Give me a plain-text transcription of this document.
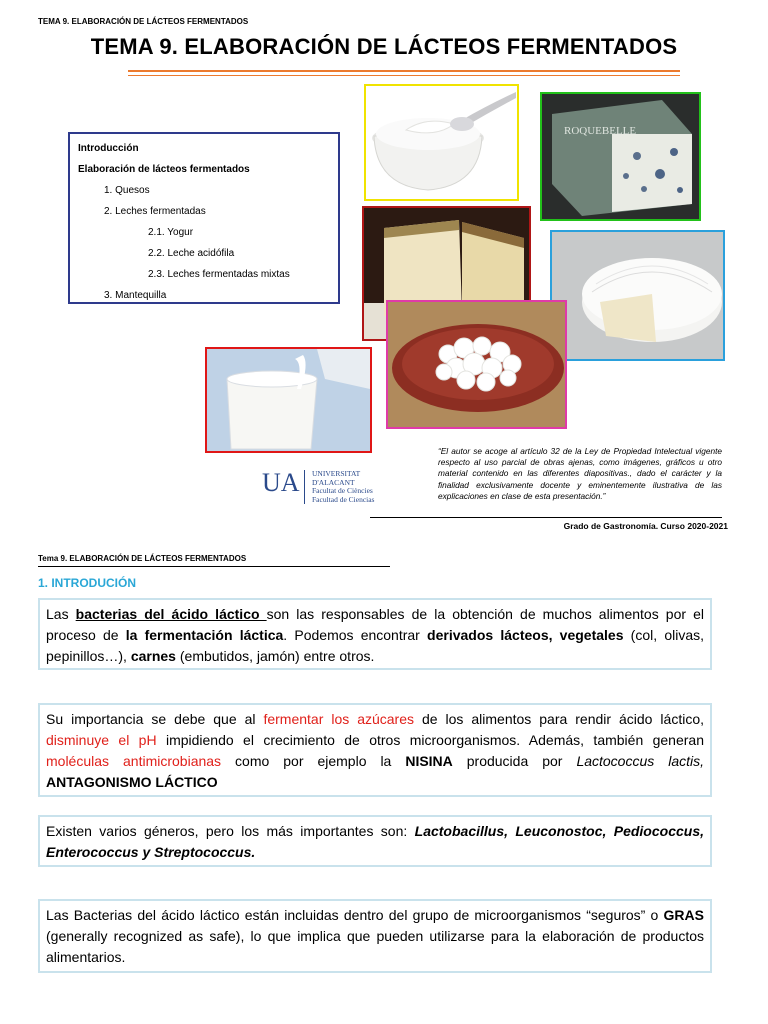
TEMA 9. ELABORACIÓN DE LÁCTEOS FERMENTADOS
TEMA 9. ELABORACIÓN DE LÁCTEOS FERMENTADOS
Introducción
Elaboración de lácteos fermentados
1. Quesos
2. Leches fermentadas
2.1. Yogur
2.2. Leche acidófila
2.3. Leches fermentadas mixtas
3. Mantequilla
ROQUEBELLE
“El autor se acoge al artículo 32 de la Ley de Propiedad Intelectual vigente respecto al uso parcial de obras ajenas, como imágenes, gráficos u otro material contenido en las diferentes diapositivas., dado el carácter y la finalidad exclusivamente docente y eminentemente ilustrativa de las explicaciones en clase de esta presentación.”
UA UNIVERSITAT D'ALACANT
Facultat de Ciències
Facultad de Ciencias
Grado de Gastronomía. Curso 2020-2021
Tema 9. ELABORACIÓN DE LÁCTEOS FERMENTADOS
1. INTRODUCIÓN
Las bacterias del ácido láctico son las responsables de la obtención de muchos alimentos por el proceso de la fermentación láctica. Podemos encontrar derivados lácteos, vegetales (col, olivas, pepinillos…), carnes (embutidos, jamón) entre otros.
Su importancia se debe que al fermentar los azúcares de los alimentos para rendir ácido láctico, disminuye el pH impidiendo el crecimiento de otros microorganismos. Además, también generan moléculas antimicrobianas como por ejemplo la NISINA producida por Lactococcus lactis, ANTAGONISMO LÁCTICO
Existen varios géneros, pero los más importantes son: Lactobacillus, Leuconostoc, Pediococcus, Enterococcus y Streptococcus.
Las Bacterias del ácido láctico están incluidas dentro del grupo de microorganismos “seguros” o GRAS (generally recognized as safe), lo que implica que pueden utilizarse para la elaboración de productos alimentarios.
